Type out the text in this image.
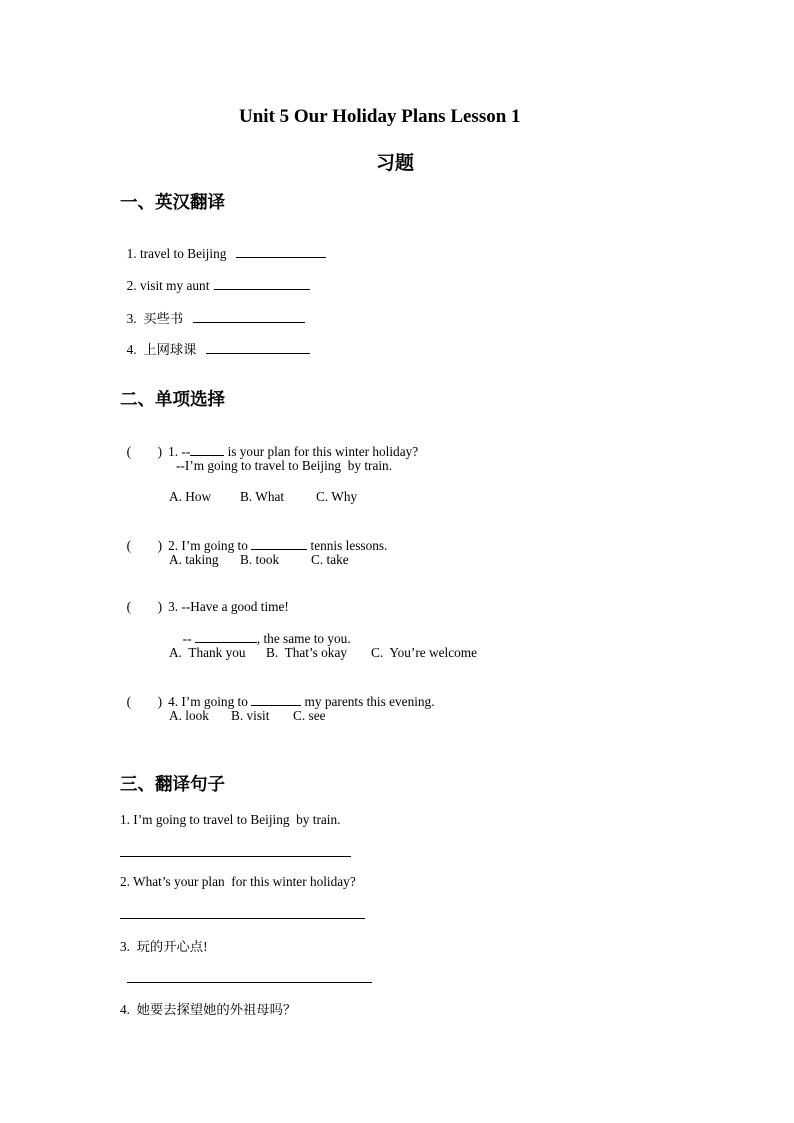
Unit 5 Our Holiday Plans Lesson 1
习题
一、英汉翻译

1. travel to Beijing

2. visit my aunt

3.  买些书

4.  上网球课

二、单项选择

(        ) 1. --	is your plan for this winter holiday?

--I’m going to travel to Beijing  by train.
A. How B. What C. Why

(        ) 2. I’m going to	tennis lessons.

A. taking B. took C. take

(        ) 3. --Have a good time!

--	, the same to you.

A.  Thank you B.  That’s okay C.  You’re welcome

(        ) 4. I’m going to	my parents this evening.

A. look B. visit C. see
三、翻译句子
1. I’m going to travel to Beijing  by train.
2. What’s your plan  for this winter holiday?
3.  玩的开心点!
4.  她要去探望她的外祖母吗？
